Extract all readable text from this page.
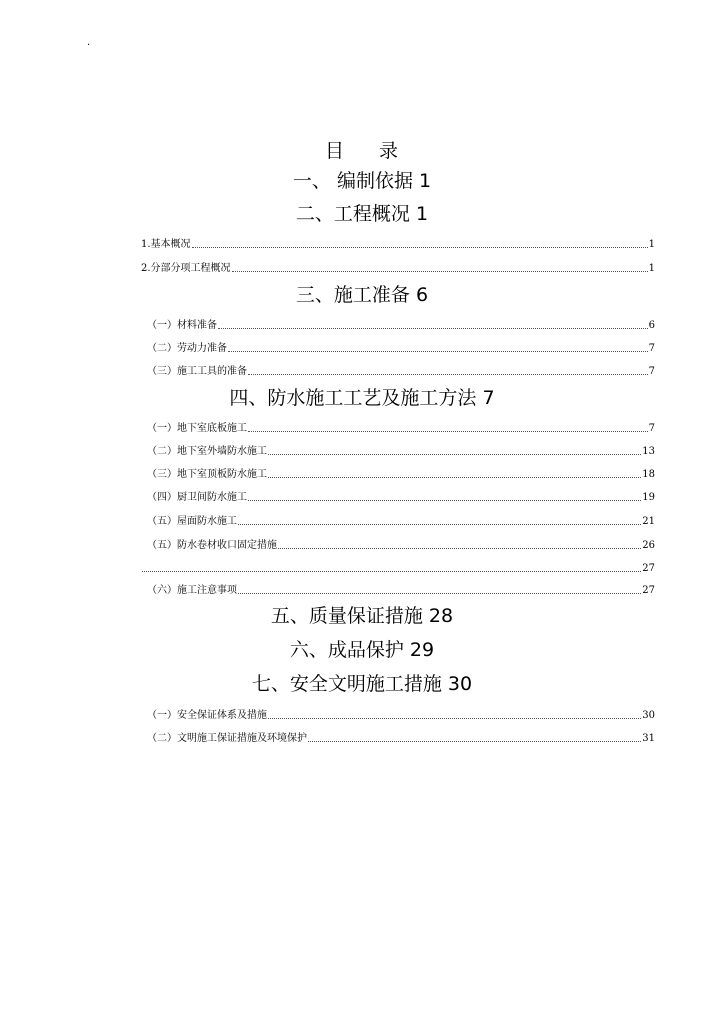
·
目 录
一、 编制依据 1
二、工程概况 1
1.基本概况	1
2.分部分项工程概况	1
三、施工准备 6
（一）材料准备	6
（二）劳动力准备	7
（三）施工工具的准备	7
四、防水施工工艺及施工方法 7
（一）地下室底板施工	7
（二）地下室外墙防水施工	13
（三）地下室顶板防水施工	18
（四）厨卫间防水施工	19
（五）屋面防水施工	21
（五）防水卷材收口固定措施	26
27
（六）施工注意事项	27
五、质量保证措施 28
六、成品保护 29
七、安全文明施工措施 30
（一）安全保证体系及措施	30
（二）文明施工保证措施及环境保护	31
